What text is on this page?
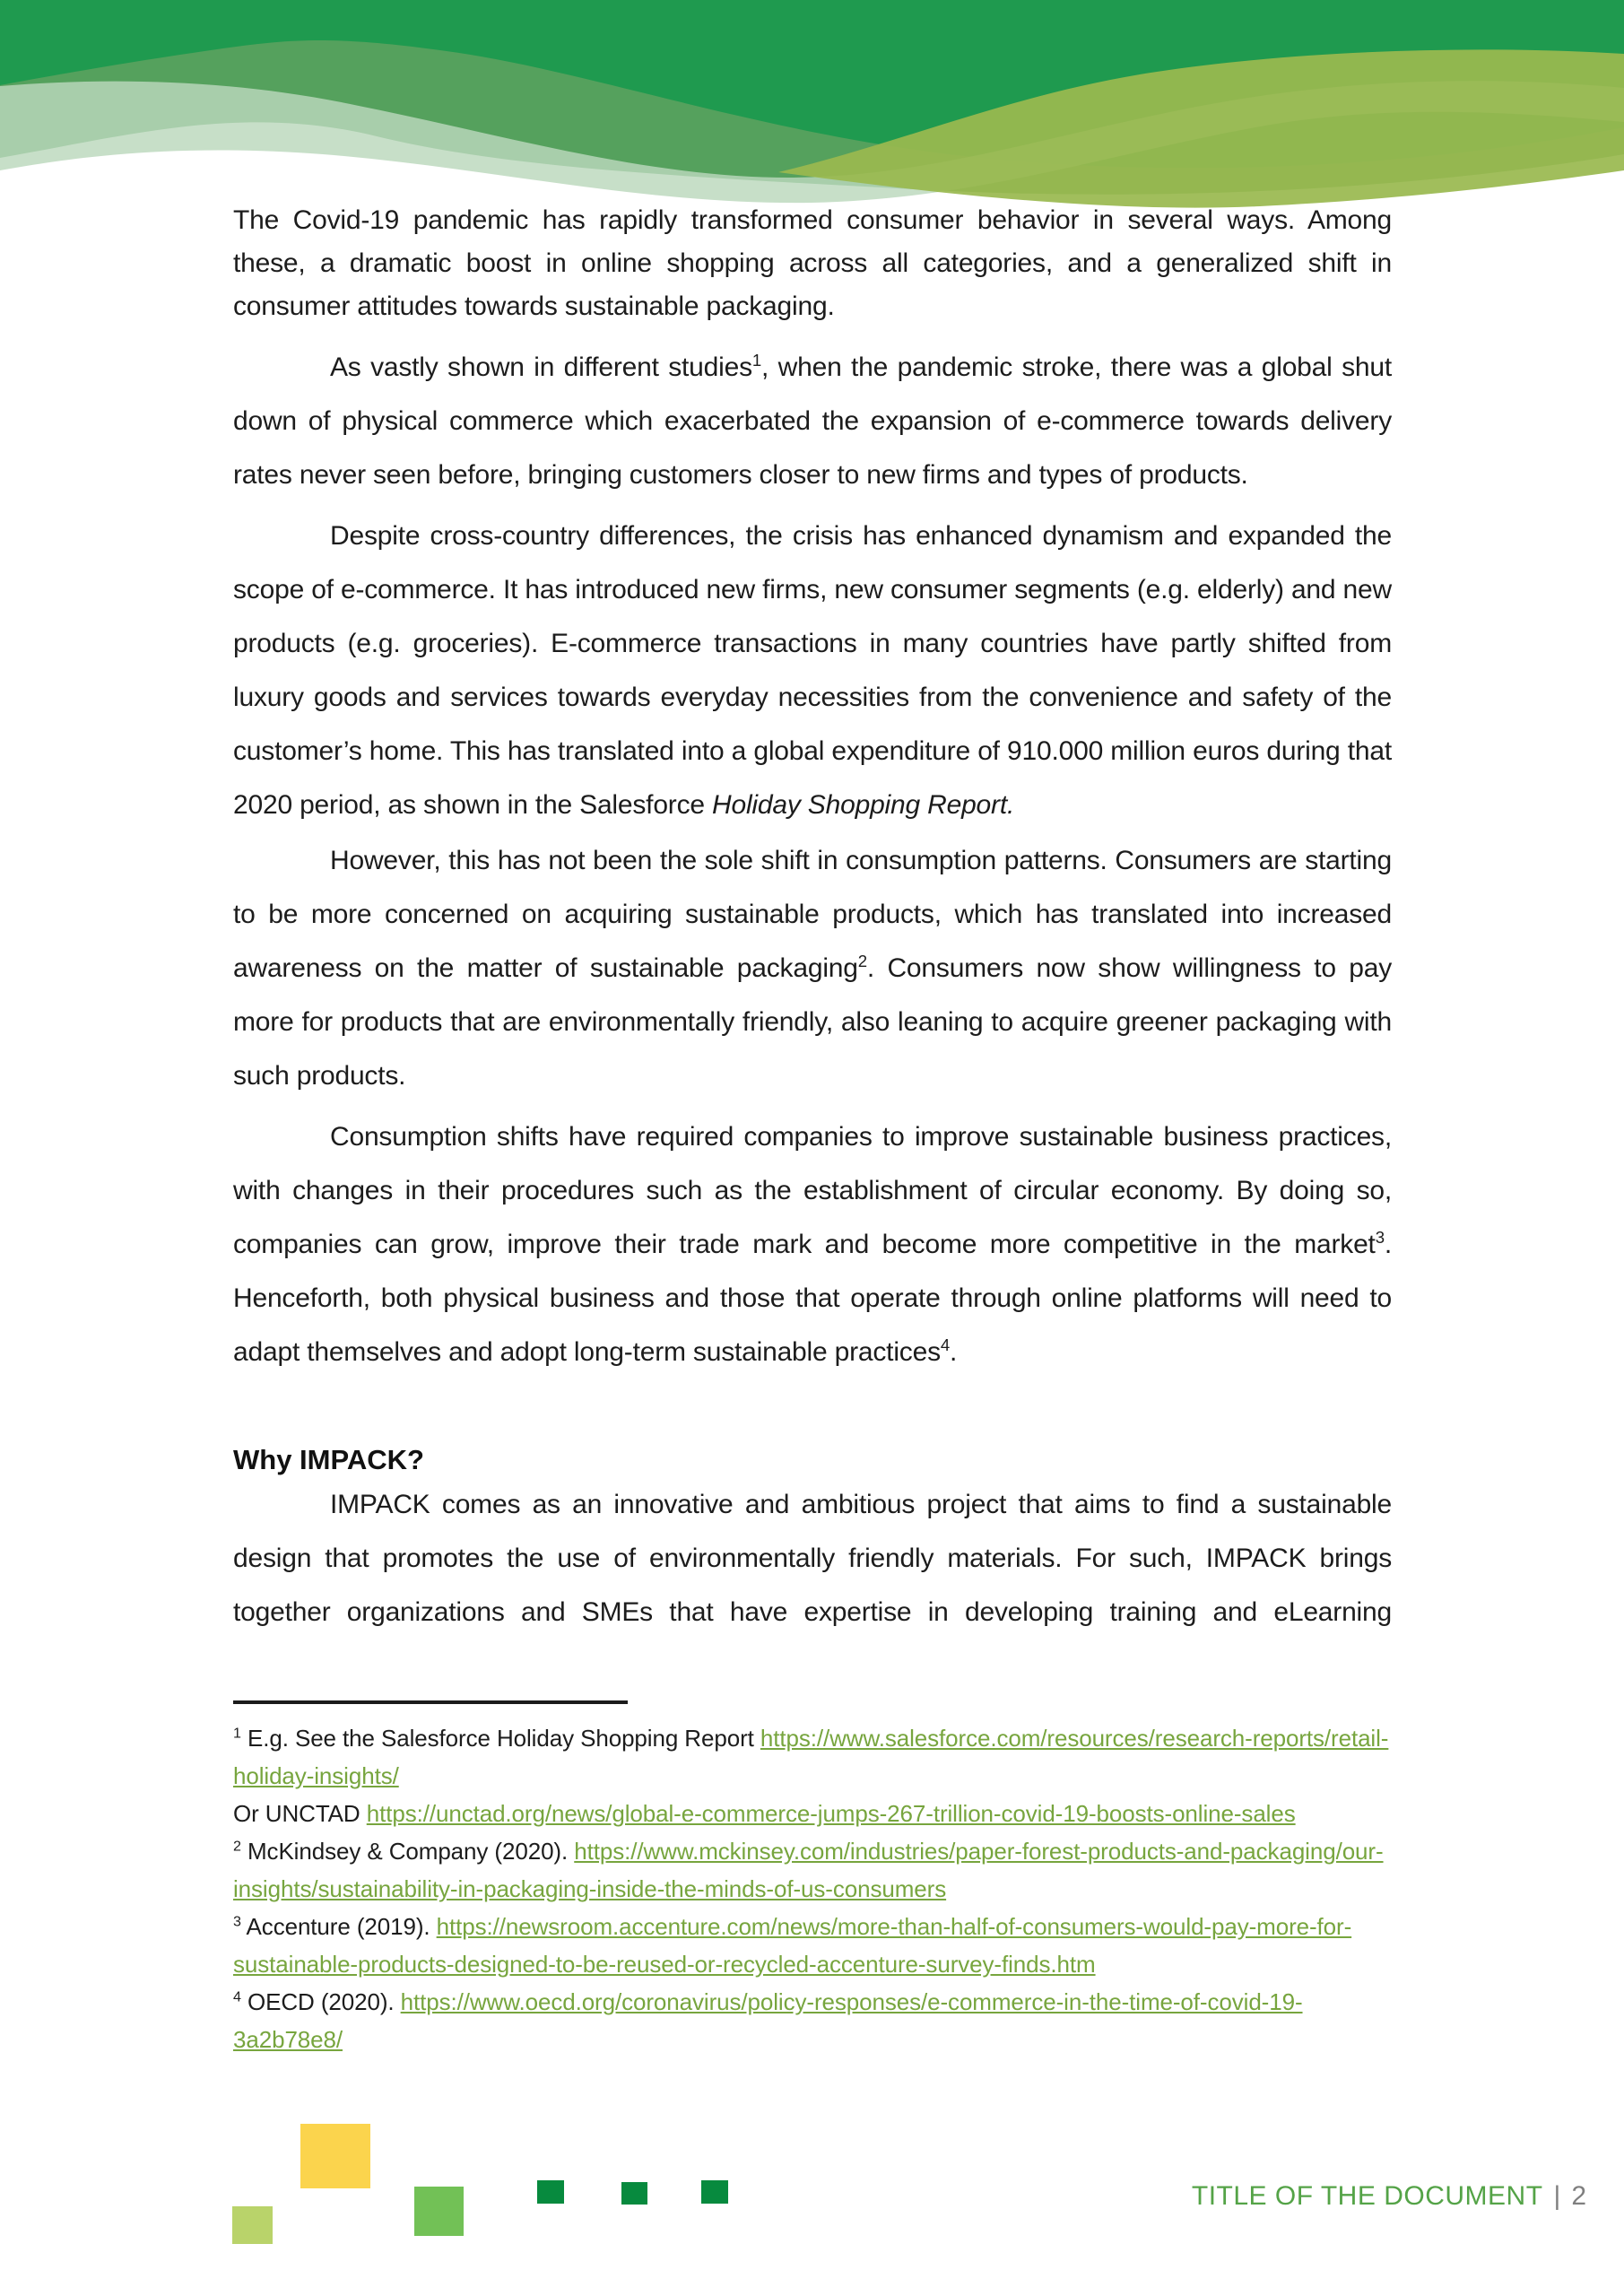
The Covid-19 pandemic has rapidly transformed consumer behavior in several ways. Among these, a dramatic boost in online shopping across all categories, and a generalized shift in consumer attitudes towards sustainable packaging.

As vastly shown in different studies$^1$, when the pandemic stroke, there was a global shut down of physical commerce which exacerbated the expansion of e-commerce towards delivery rates never seen before, bringing customers closer to new firms and types of products.

Despite cross-country differences, the crisis has enhanced dynamism and expanded the scope of e-commerce. It has introduced new firms, new consumer segments (e.g. elderly) and new products (e.g. groceries). E-commerce transactions in many countries have partly shifted from luxury goods and services towards everyday necessities from the convenience and safety of the customer’s home. This has translated into a global expenditure of 910.000 million euros during that 2020 period, as shown in the Salesforce Holiday Shopping Report.

However, this has not been the sole shift in consumption patterns. Consumers are starting to be more concerned on acquiring sustainable products, which has translated into increased awareness on the matter of sustainable packaging$^2$. Consumers now show willingness to pay more for products that are environmentally friendly, also leaning to acquire greener packaging with such products.

Consumption shifts have required companies to improve sustainable business practices, with changes in their procedures such as the establishment of circular economy. By doing so, companies can grow, improve their trade mark and become more competitive in the market$^3$. Henceforth, both physical business and those that operate through online platforms will need to adapt themselves and adopt long-term sustainable practices$^4$.

Why IMPACK?

IMPACK comes as an innovative and ambitious project that aims to find a sustainable design that promotes the use of environmentally friendly materials. For such, IMPACK brings together organizations and SMEs that have expertise in developing training and eLearning

$^1$ E.g. See the Salesforce Holiday Shopping Report https://www.salesforce.com/resources/research-reports/retail-holiday-insights/
Or UNCTAD https://unctad.org/news/global-e-commerce-jumps-267-trillion-covid-19-boosts-online-sales

$^2$ McKindsey & Company (2020). https://www.mckinsey.com/industries/paper-forest-products-and-packaging/our-insights/sustainability-in-packaging-inside-the-minds-of-us-consumers

$^3$ Accenture (2019). https://newsroom.accenture.com/news/more-than-half-of-consumers-would-pay-more-for-sustainable-products-designed-to-be-reused-or-recycled-accenture-survey-finds.htm

$^4$ OECD (2020). https://www.oecd.org/coronavirus/policy-responses/e-commerce-in-the-time-of-covid-19-3a2b78e8/

TITLE OF THE DOCUMENT | 2
